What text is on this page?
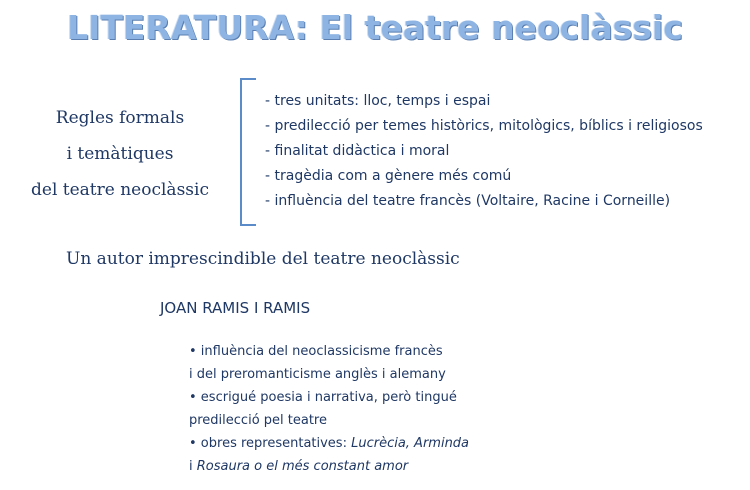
LITERATURA: El teatre neoclàssic
Regles formals
i temàtiques
del teatre neoclàssic
- tres unitats: lloc, temps i espai
- predilecció per temes històrics, mitològics, bíblics i religiosos
- finalitat didàctica i moral
- tragèdia com a gènere més comú
- influència del teatre francès (Voltaire, Racine i Corneille)
Un autor imprescindible del teatre neoclàssic
JOAN RAMIS I RAMIS
• influència del neoclassicisme francès
i del preromanticisme anglès i alemany
• escrigué poesia i narrativa, però tingué
predilecció pel teatre
• obres representatives: Lucrècia, Arminda
i Rosaura o el més constant amor
